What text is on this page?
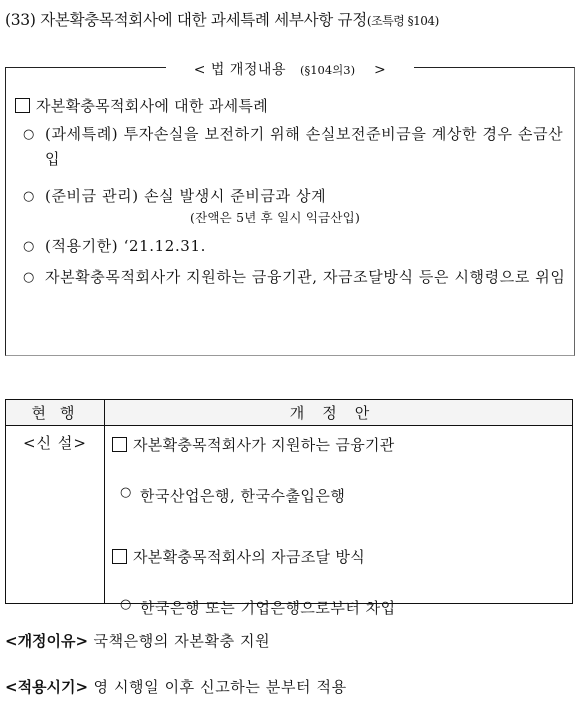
(33) 자본확충목적회사에 대한 과세특례 세부사항 규정(조특령 §104)
< 법 개정내용 (§104의3) >
자본확충목적회사에 대한 과세특례
○ (과세특례) 투자손실을 보전하기 위해 손실보전준비금을 계상한 경우 손금산입
○ (준비금 관리) 손실 발생시 준비금과 상계
(잔액은 5년 후 일시 익금산입)
○ (적용기한) ‘21.12.31.
○ 자본확충목적회사가 지원하는 금융기관, 자금조달방식 등은 시행령으로 위임
현행	개정안
<신 설>	자본확충목적회사가 지원하는 금융기관
○ 한국산업은행, 한국수출입은행
자본확충목적회사의 자금조달 방식
○ 한국은행 또는 기업은행으로부터 차입
<개정이유> 국책은행의 자본확충 지원
<적용시기> 영 시행일 이후 신고하는 분부터 적용
